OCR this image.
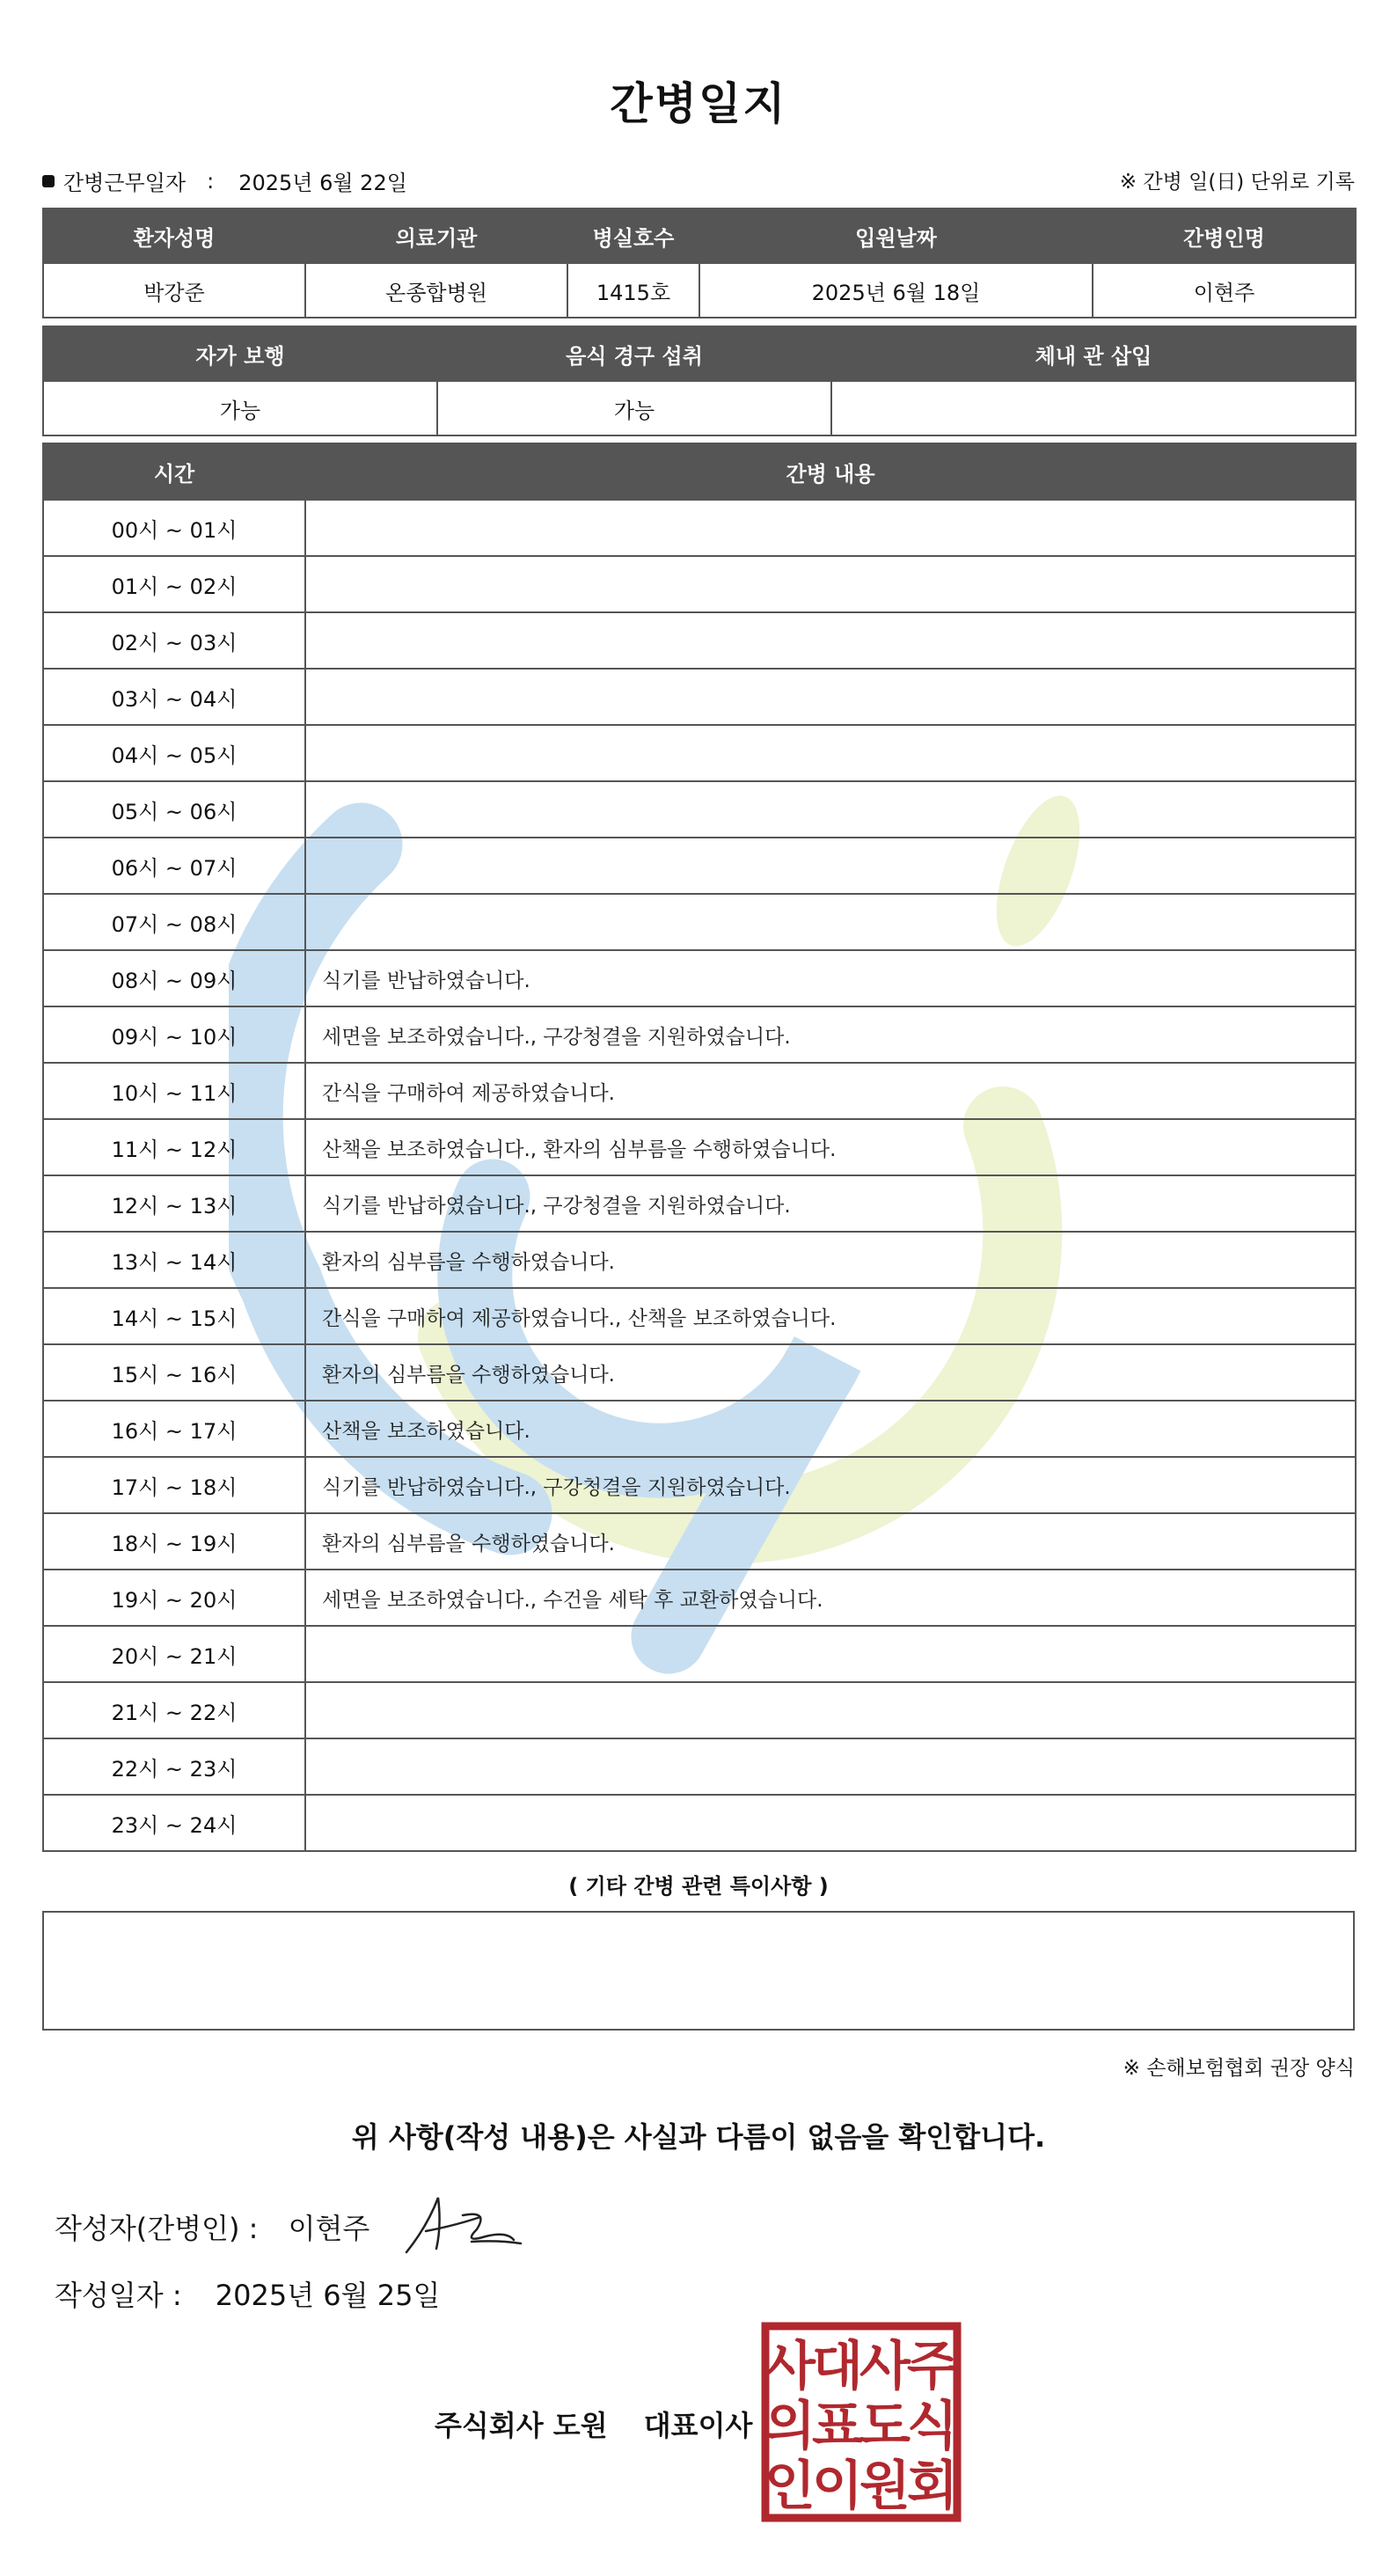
간병일지
간병근무일자 : 2025년 6월 22일	※ 간병 일(日) 단위로 기록
환자성명	의료기관	병실호수	입원날짜	간병인명
박강준	온종합병원	1415호	2025년 6월 18일	이현주
자가 보행	음식 경구 섭취	체내 관 삽입
가능	가능	
시간	간병 내용
00시 ~ 01시	
01시 ~ 02시	
02시 ~ 03시	
03시 ~ 04시	
04시 ~ 05시	
05시 ~ 06시	
06시 ~ 07시	
07시 ~ 08시	
08시 ~ 09시	식기를 반납하였습니다.
09시 ~ 10시	세면을 보조하였습니다., 구강청결을 지원하였습니다.
10시 ~ 11시	간식을 구매하여 제공하였습니다.
11시 ~ 12시	산책을 보조하였습니다., 환자의 심부름을 수행하였습니다.
12시 ~ 13시	식기를 반납하였습니다., 구강청결을 지원하였습니다.
13시 ~ 14시	환자의 심부름을 수행하였습니다.
14시 ~ 15시	간식을 구매하여 제공하였습니다., 산책을 보조하였습니다.
15시 ~ 16시	환자의 심부름을 수행하였습니다.
16시 ~ 17시	산책을 보조하였습니다.
17시 ~ 18시	식기를 반납하였습니다., 구강청결을 지원하였습니다.
18시 ~ 19시	환자의 심부름을 수행하였습니다.
19시 ~ 20시	세면을 보조하였습니다., 수건을 세탁 후 교환하였습니다.
20시 ~ 21시	
21시 ~ 22시	
22시 ~ 23시	
23시 ~ 24시	
( 기타 간병 관련 특이사항 )
※ 손해보험협회 권장 양식
위 사항(작성 내용)은 사실과 다름이 없음을 확인합니다.
작성자(간병인) : 이현주
작성일자 : 2025년 6월 25일
주식회사 도원 대표이사
주
식
회
사
도
원
대
표
이
사
의
인
